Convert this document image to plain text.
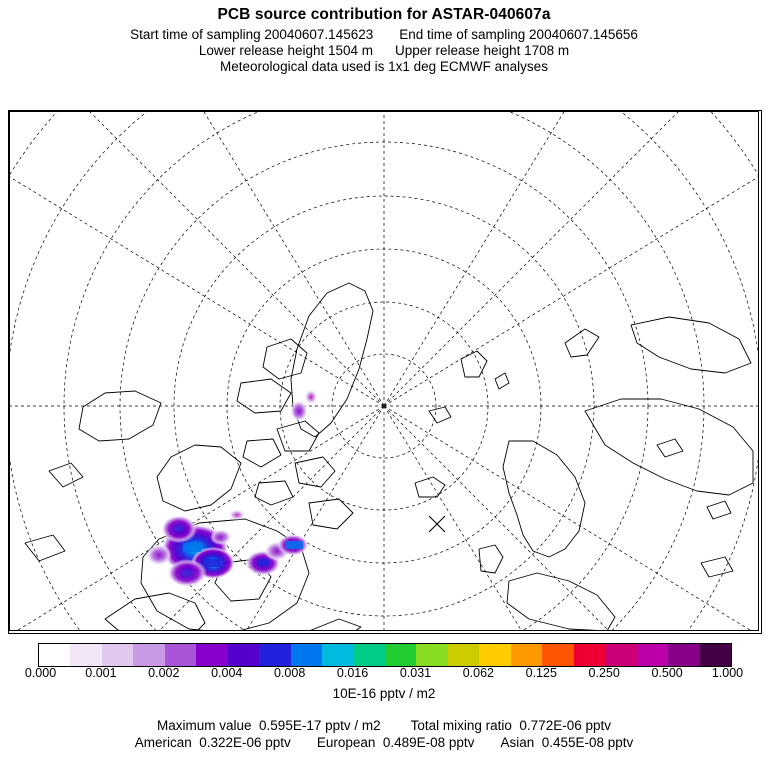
PCB source contribution for ASTAR-040607a
Start time of sampling 20040607.145623 End time of sampling 20040607.145656
Lower release height 1504 m Upper release height 1708 m
Meteorological data used is 1x1 deg ECMWF analyses
0.000 0.001	0.002	0.004	0.008	0.016	0.031	0.062	0.125	0.250	0.500 1.000
10E-16 pptv / m2
Maximum value  0.595E-17 pptv / m2 Total mixing ratio  0.772E-06 pptv
American  0.322E-06 pptv European  0.489E-08 pptv Asian  0.455E-08 pptv
